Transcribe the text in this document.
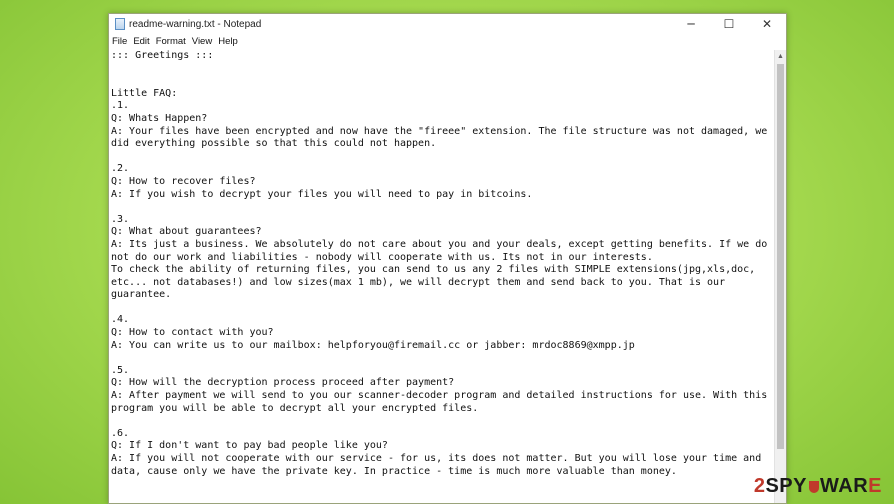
readme-warning.txt - Notepad	─	☐	✕
File Edit Format View Help
::: Greetings :::

Little FAQ:
.1.
Q: Whats Happen?
A: Your files have been encrypted and now have the "fireee" extension. The file structure was not damaged, we
did everything possible so that this could not happen.

.2.
Q: How to recover files?
A: If you wish to decrypt your files you will need to pay in bitcoins.

.3.
Q: What about guarantees?
A: Its just a business. We absolutely do not care about you and your deals, except getting benefits. If we do
not do our work and liabilities - nobody will cooperate with us. Its not in our interests.
To check the ability of returning files, you can send to us any 2 files with SIMPLE extensions(jpg,xls,doc,
etc... not databases!) and low sizes(max 1 mb), we will decrypt them and send back to you. That is our
guarantee.

.4.
Q: How to contact with you?
A: You can write us to our mailbox: helpforyou@firemail.cc or jabber: mrdoc8869@xmpp.jp

.5.
Q: How will the decryption process proceed after payment?
A: After payment we will send to you our scanner-decoder program and detailed instructions for use. With this
program you will be able to decrypt all your encrypted files.

.6.
Q: If I don't want to pay bad people like you?
A: If you will not cooperate with our service - for us, its does not matter. But you will lose your time and
data, cause only we have the private key. In practice - time is much more valuable than money.

▲
2 SPY WAR E
